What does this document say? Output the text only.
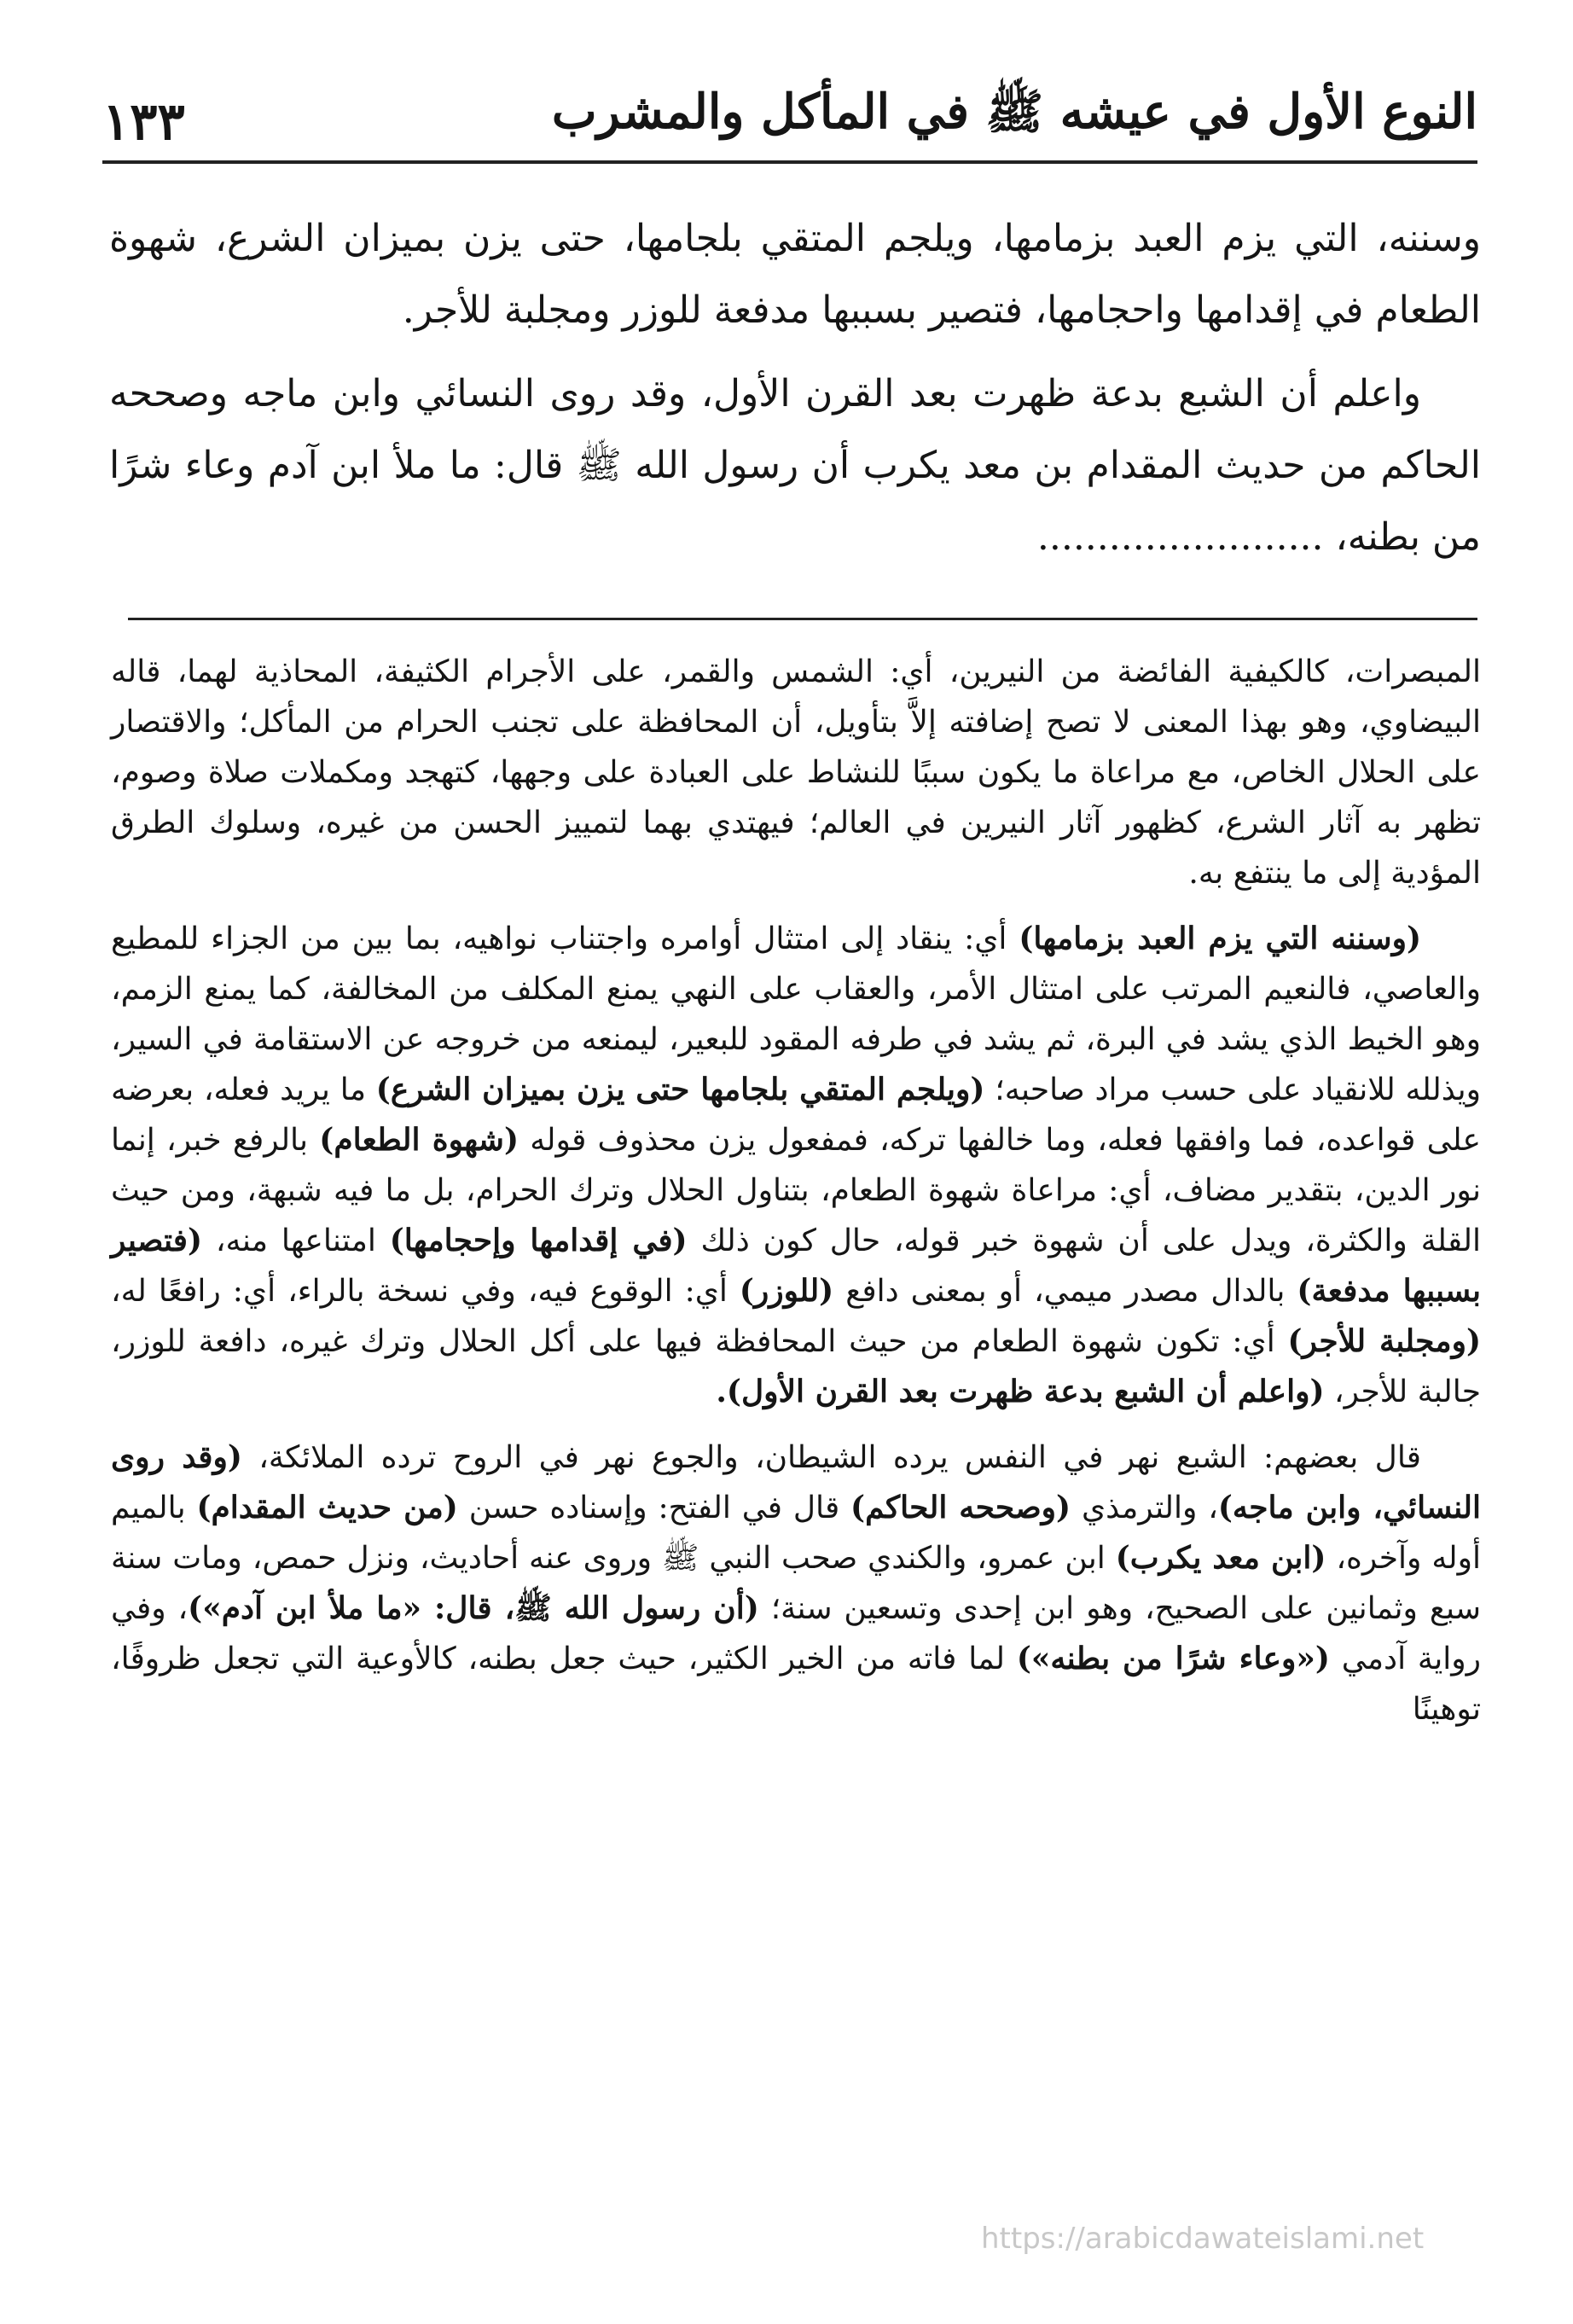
النوع الأول في عيشه ﷺ في المأكل والمشرب
١٣٣

وسننه، التي يزم العبد بزمامها، ويلجم المتقي بلجامها، حتى يزن بميزان الشرع، شهوة الطعام في إقدامها واحجامها، فتصير بسببها مدفعة للوزر ومجلبة للأجر.

واعلم أن الشبع بدعة ظهرت بعد القرن الأول، وقد روى النسائي وابن ماجه وصححه الحاكم من حديث المقدام بن معد يكرب أن رسول الله ﷺ قال: ما ملأ ابن آدم وعاء شرًا من بطنه، ........................

المبصرات، كالكيفية الفائضة من النيرين، أي: الشمس والقمر، على الأجرام الكثيفة، المحاذية لهما، قاله البيضاوي، وهو بهذا المعنى لا تصح إضافته إلاَّ بتأويل، أن المحافظة على تجنب الحرام من المأكل؛ والاقتصار على الحلال الخاص، مع مراعاة ما يكون سببًا للنشاط على العبادة على وجهها، كتهجد ومكملات صلاة وصوم، تظهر به آثار الشرع، كظهور آثار النيرين في العالم؛ فيهتدي بهما لتمييز الحسن من غيره، وسلوك الطرق المؤدية إلى ما ينتفع به.

(وسننه التي يزم العبد بزمامها) أي: ينقاد إلى امتثال أوامره واجتناب نواهيه، بما بين من الجزاء للمطيع والعاصي، فالنعيم المرتب على امتثال الأمر، والعقاب على النهي يمنع المكلف من المخالفة، كما يمنع الزمم، وهو الخيط الذي يشد في البرة، ثم يشد في طرفه المقود للبعير، ليمنعه من خروجه عن الاستقامة في السير، ويذلله للانقياد على حسب مراد صاحبه؛ (ويلجم المتقي بلجامها حتى يزن بميزان الشرع) ما يريد فعله، بعرضه على قواعده، فما وافقها فعله، وما خالفها تركه، فمفعول يزن محذوف قوله (شهوة الطعام) بالرفع خبر، إنما نور الدين، بتقدير مضاف، أي: مراعاة شهوة الطعام، بتناول الحلال وترك الحرام، بل ما فيه شبهة، ومن حيث القلة والكثرة، ويدل على أن شهوة خبر قوله، حال كون ذلك (في إقدامها وإحجامها) امتناعها منه، (فتصير بسببها مدفعة) بالدال مصدر ميمي، أو بمعنى دافع (للوزر) أي: الوقوع فيه، وفي نسخة بالراء، أي: رافعًا له، (ومجلبة للأجر) أي: تكون شهوة الطعام من حيث المحافظة فيها على أكل الحلال وترك غيره، دافعة للوزر، جالبة للأجر، (واعلم أن الشبع بدعة ظهرت بعد القرن الأول).

قال بعضهم: الشبع نهر في النفس يرده الشيطان، والجوع نهر في الروح ترده الملائكة، (وقد روى النسائي، وابن ماجه)، والترمذي (وصححه الحاكم) قال في الفتح: وإسناده حسن (من حديث المقدام) بالميم أوله وآخره، (ابن معد يكرب) ابن عمرو، والكندي صحب النبي ﷺ وروى عنه أحاديث، ونزل حمص، ومات سنة سبع وثمانين على الصحيح، وهو ابن إحدى وتسعين سنة؛ (أن رسول الله ﷺ، قال: «ما ملأ ابن آدم»)، وفي رواية آدمي («وعاء شرًا من بطنه») لما فاته من الخير الكثير، حيث جعل بطنه، كالأوعية التي تجعل ظروفًا، توهينًا

https://arabicdawateislami.net
